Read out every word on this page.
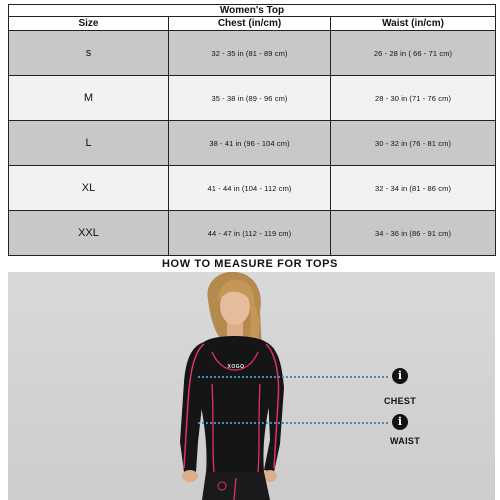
Women's Top		
Size	Chest (in/cm)	Waist (in/cm)
s	32 - 35 in (81 - 89 cm)	26 - 28 in ( 66 - 71 cm)
M	35 - 38 in (89 - 96 cm)	28 - 30 in (71 - 76 cm)
L	38 - 41 in (96 - 104 cm)	30 - 32 in (76 - 81 cm)
XL	41 - 44 in (104 - 112 cm)	32 - 34 in (81 - 86 cm)
XXL	44 - 47 in (112 - 119 cm)	34 - 36 in (86 - 91 cm)
HOW TO MEASURE FOR TOPS
XOGO
i
CHEST
i
WAIST
